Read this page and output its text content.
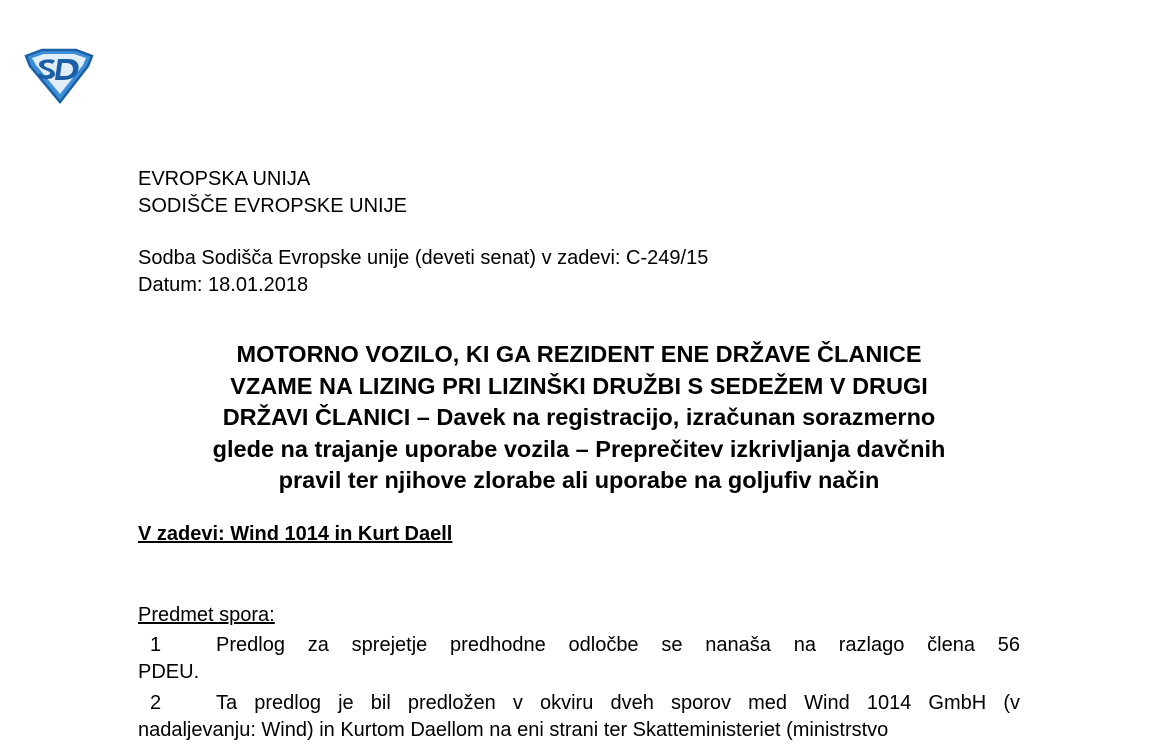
EVROPSKA UNIJA
SODIŠČE EVROPSKE UNIJE
Sodba Sodišča Evropske unije (deveti senat) v zadevi: C-249/15
Datum: 18.01.2018
MOTORNO VOZILO, KI GA REZIDENT ENE DRŽAVE ČLANICE
VZAME NA LIZING PRI LIZINŠKI DRUŽBI S SEDEŽEM V DRUGI
DRŽAVI ČLANICI – Davek na registracijo, izračunan sorazmerno
glede na trajanje uporabe vozila – Preprečitev izkrivljanja davčnih
pravil ter njihove zlorabe ali uporabe na goljufiv način
V zadevi: Wind 1014 in Kurt Daell
Predmet spora:
1	Predlog za sprejetje predhodne odločbe se nanaša na razlago člena 56
PDEU.
2	Ta predlog je bil predložen v okviru dveh sporov med Wind 1014 GmbH (v
nadaljevanju: Wind) in Kurtom Daellom na eni strani ter Skatteministeriet (ministrstvo
